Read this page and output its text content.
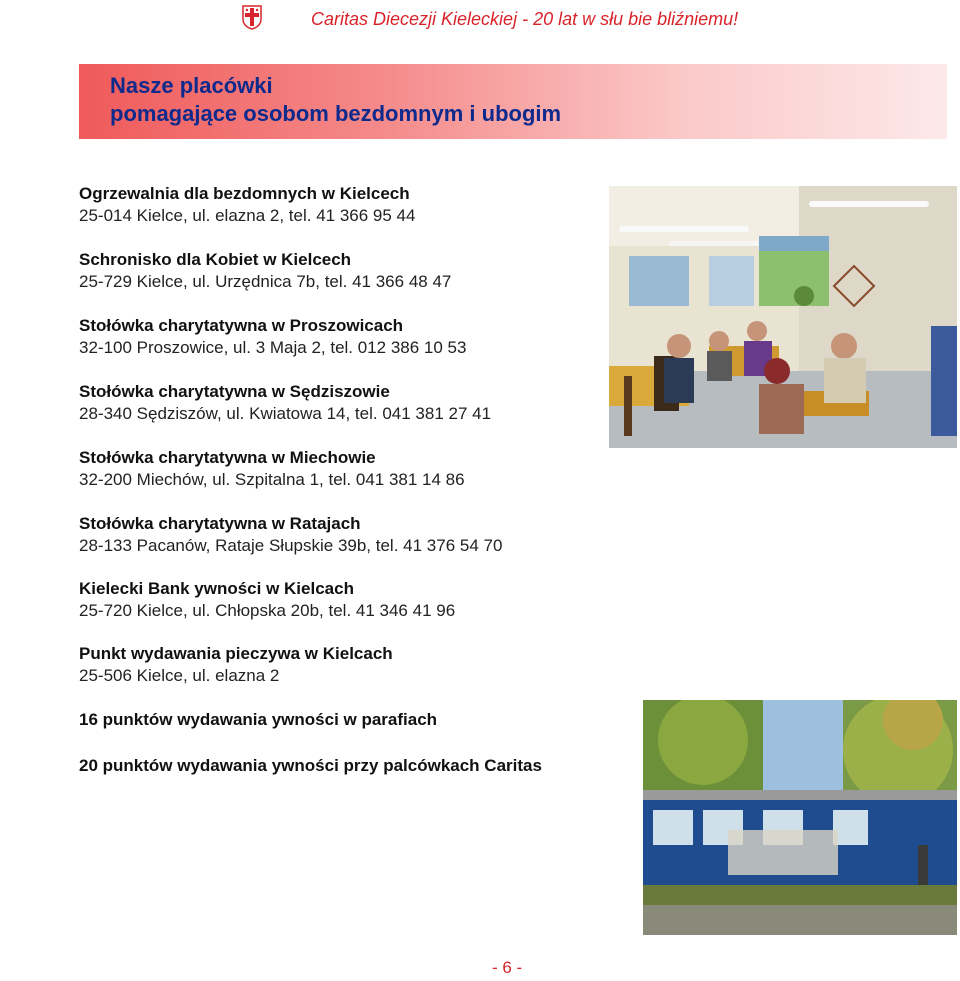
Caritas Diecezji Kieleckiej - 20 lat w słu bie bliźniemu!
Nasze placówki
pomagające osobom bezdomnym i ubogim
Ogrzewalnia dla bezdomnych w Kielcech
25-014 Kielce, ul. elazna 2, tel. 41 366 95 44
Schronisko dla Kobiet w Kielcech
25-729 Kielce, ul. Urzędnica 7b, tel. 41 366 48 47
Stołówka charytatywna w Proszowicach
32-100 Proszowice, ul. 3 Maja 2, tel. 012 386 10 53
Stołówka charytatywna w Sędziszowie
28-340 Sędziszów, ul. Kwiatowa 14, tel. 041 381 27 41
Stołówka charytatywna w Miechowie
32-200 Miechów, ul. Szpitalna 1, tel. 041 381 14 86
Stołówka charytatywna w Ratajach
28-133 Pacanów, Rataje Słupskie 39b, tel. 41 376 54 70
Kielecki Bank ywności w Kielcach
25-720 Kielce, ul. Chłopska 20b, tel. 41 346 41 96
Punkt wydawania pieczywa w Kielcach
25-506 Kielce, ul. elazna 2
16 punktów wydawania ywności w parafiach
20 punktów wydawania ywności przy palcówkach Caritas
- 6 -
